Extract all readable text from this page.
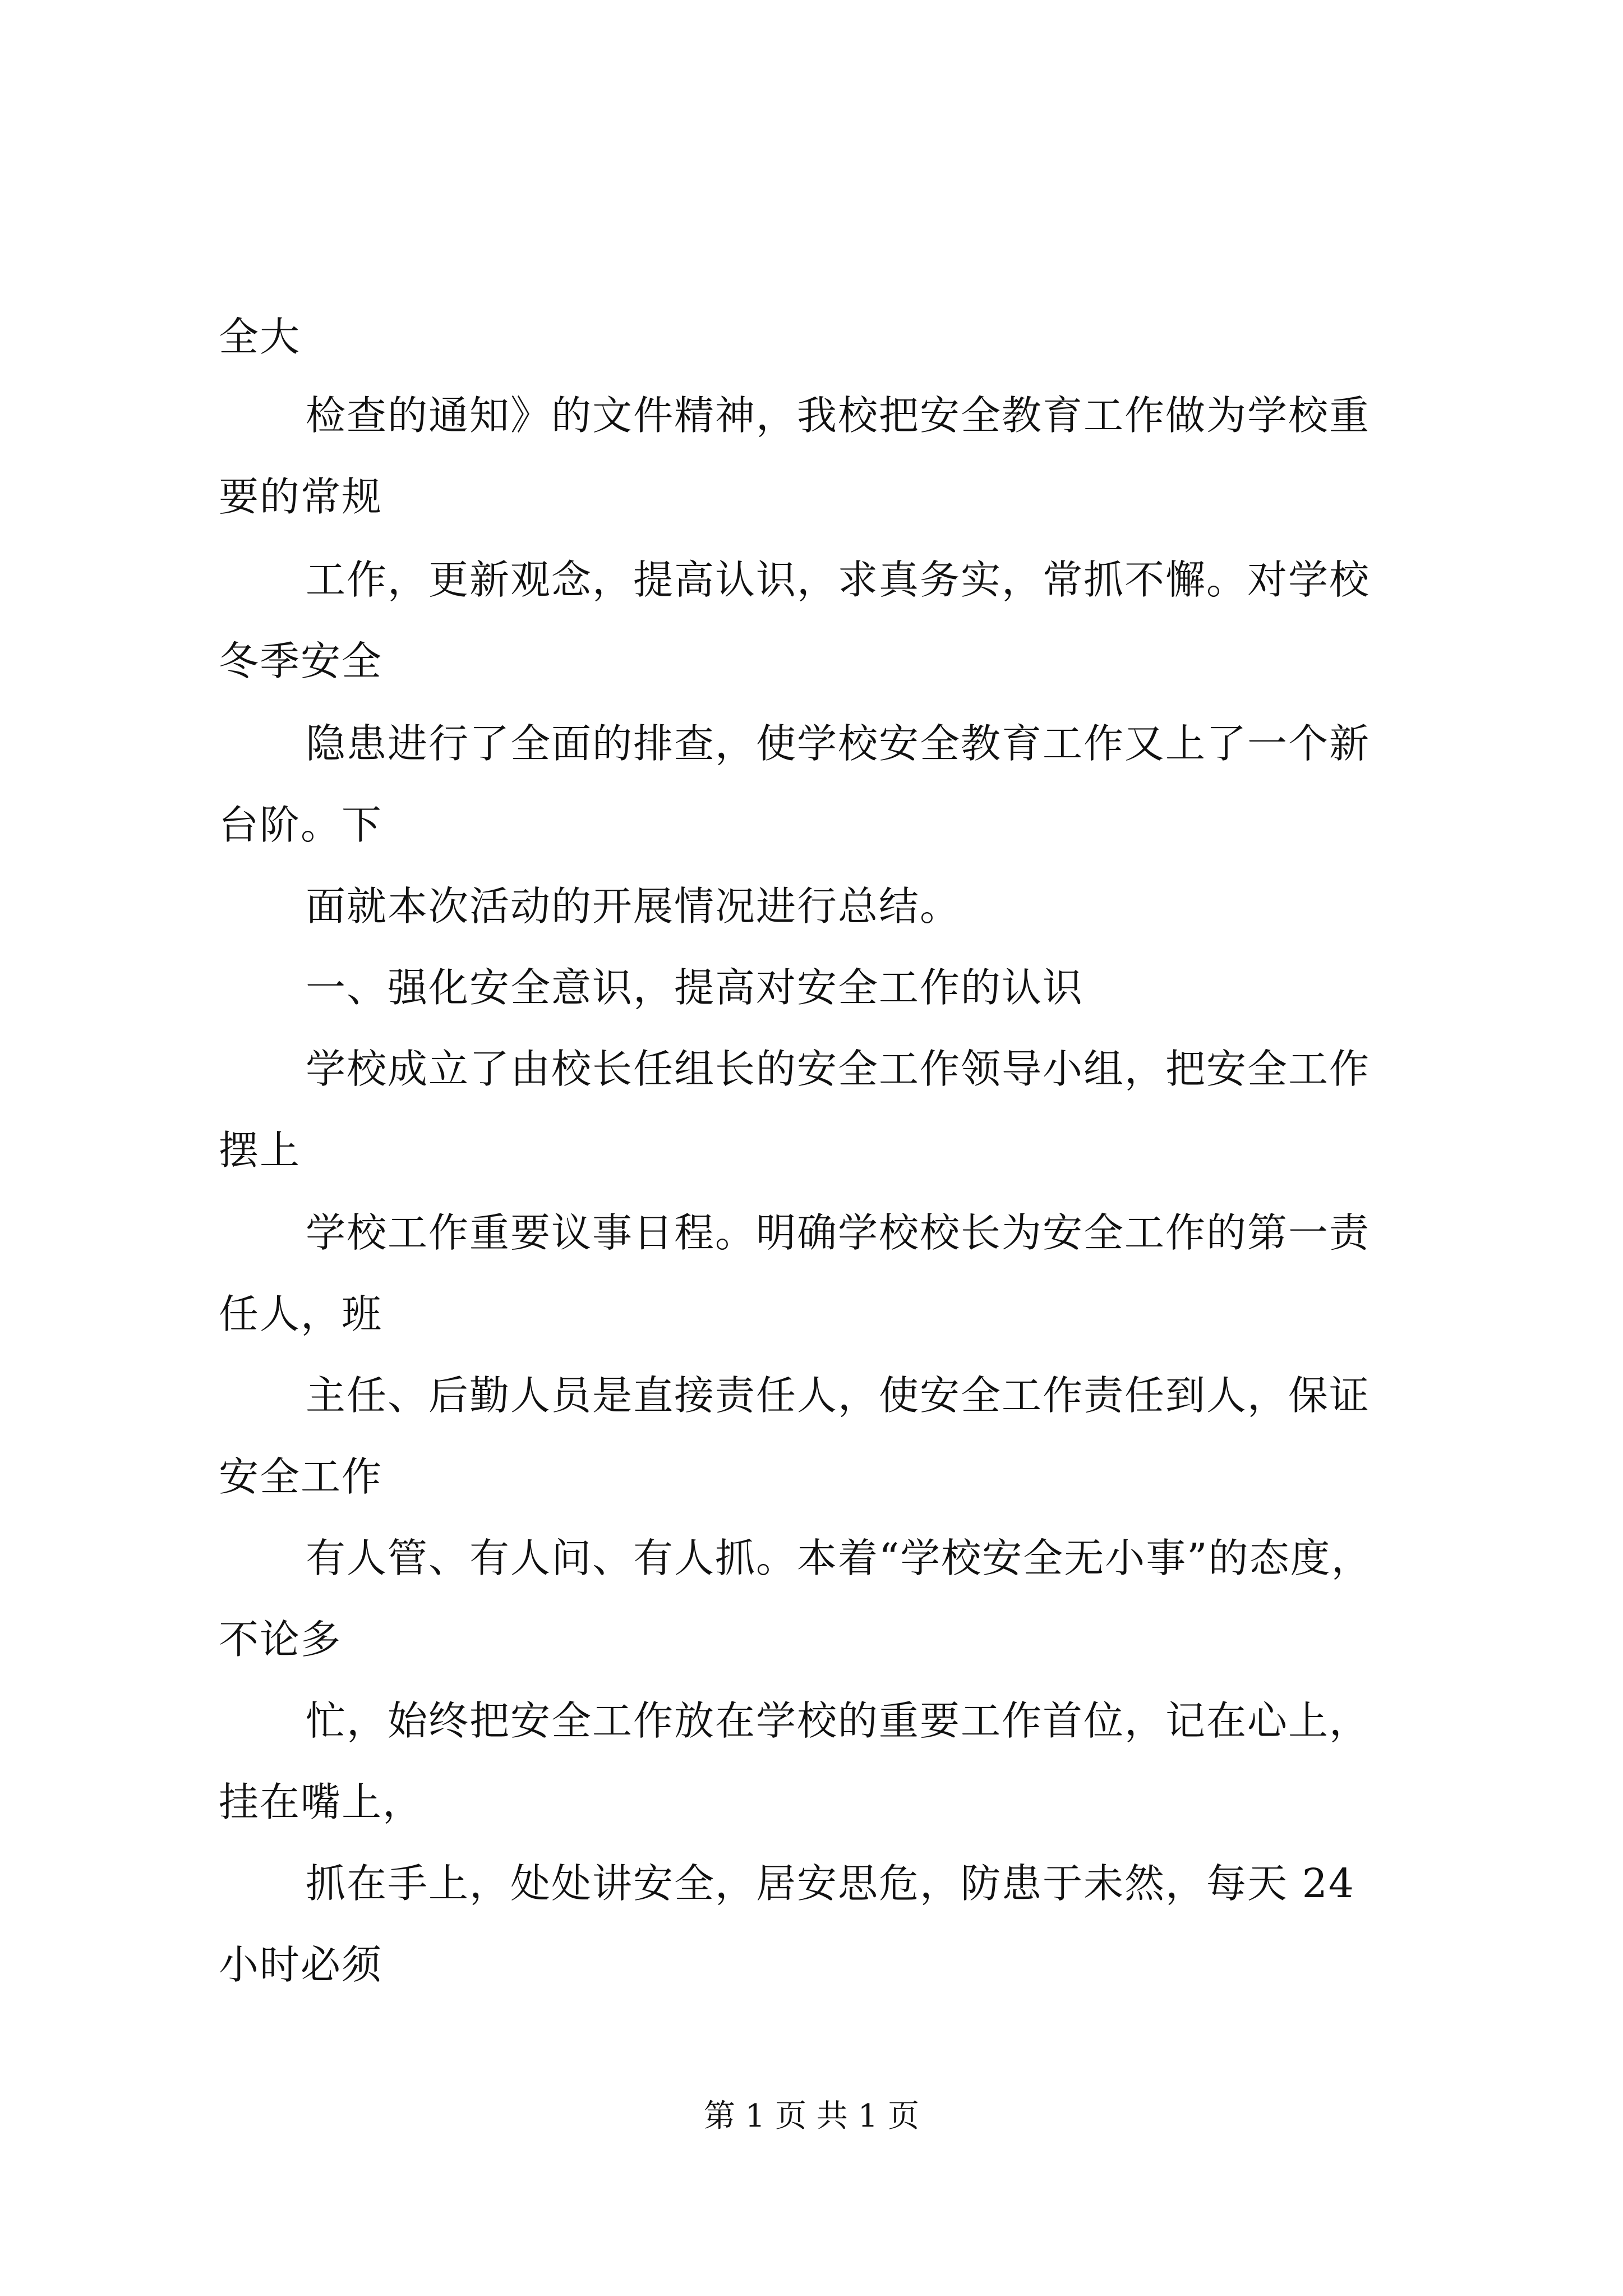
全大
检查的通知》的文件精神，我校把安全教育工作做为学校重
要的常规
工作，更新观念，提高认识，求真务实，常抓不懈。对学校
冬季安全
隐患进行了全面的排查，使学校安全教育工作又上了一个新
台阶。下
面就本次活动的开展情况进行总结。
一、强化安全意识，提高对安全工作的认识
学校成立了由校长任组长的安全工作领导小组，把安全工作
摆上
学校工作重要议事日程。明确学校校长为安全工作的第一责
任人，班
主任、后勤人员是直接责任人，使安全工作责任到人，保证
安全工作
有人管、有人问、有人抓。本着“学校安全无小事”的态度，
不论多
忙，始终把安全工作放在学校的重要工作首位，记在心上，
挂在嘴上，
抓在手上，处处讲安全，居安思危，防患于未然，每天 24
小时必须
第 1 页 共 1 页
